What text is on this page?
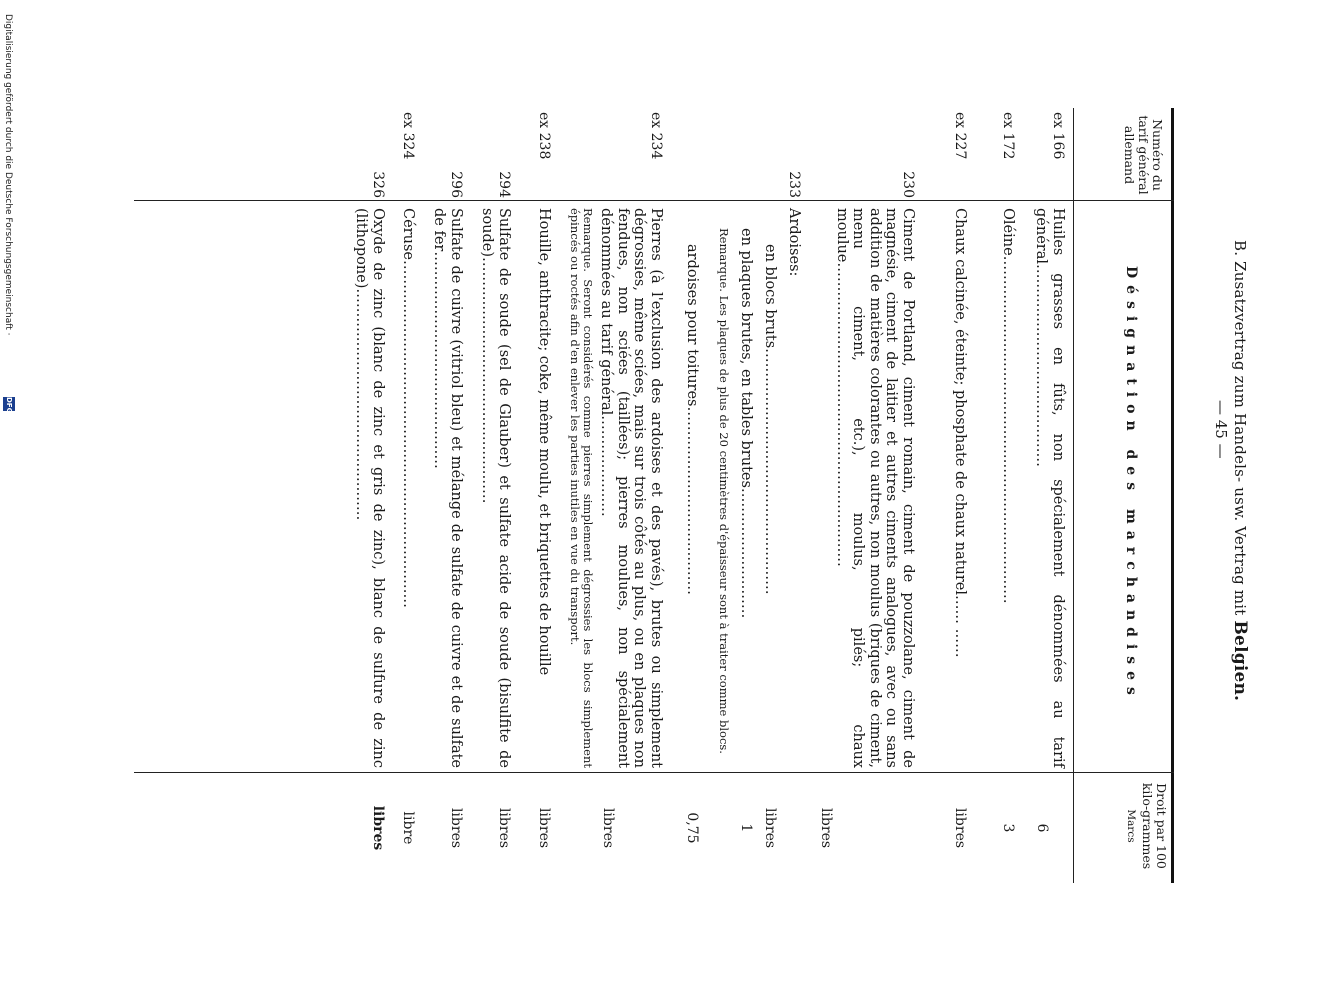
B. Zusatzvertrag zum Handels- usw. Vertrag mit Belgien.
— 45 —
Numéro du tarif général allemand
Désignation des marchandises
Droit par 100 kilo-grammes
Marcs
ex 166
Huiles grasses en fûts, non spécialement dénommées au tarif général……………………………………
6
ex 172
Oléine………………………………………………………………
3
ex 227
Chaux calcinée, éteinte; phosphate de chaux naturel…… ……
libres
230
Ciment de Portland, ciment romain, ciment de pouzzolane, ciment de magnésie, ciment de laitier et autres ciments analogues, avec ou sans addition de matières colorantes ou autres, non moulus (briques de ciment, menu ciment, etc.), moulus, pilés; chaux moulue………………………………………………………
libres
233
Ardoises:
en blocs bruts……………………………………………
libres
en plaques brutes, en tables brutes………………………
1
Remarque. Les plaques de plus de 20 centimètres d'épaisseur sont à traiter comme blocs.
ardoises pour toitures…………………………………
0,75
ex 234
Pierres (à l'exclusion des ardoises et des pavés), brutes ou simplement dégrossies, même sciées, mais sur trois côtés au plus, ou en plaques non fendues, non sciées (taillées); pierres moulues, non spécialement dénommées au tarif général…………………
libres
Remarque. Seront considérés comme pierres simplement dégrossies les blocs simplement épincés ou roctés afin d'en enlever les parties inutiles en vue du transport.
ex 238
Houille, anthracite; coke, même moulu, et briquettes de houille
libres
294
Sulfate de soude (sel de Glauber) et sulfate acide de soude (bisulfite de soude)……………………………………………
libres
296
Sulfate de cuivre (vitriol bleu) et mélange de sulfate de cuivre et de sulfate de fer………………………………………
libres
ex 324
Céruse………………………………………………………………
libre
326
Oxyde de zinc (blanc de zinc et gris de zinc), blanc de sulfure de zinc (lithopone)…………………………………………
libres
Digitalisierung gefördert durch die Deutsche Forschungsgemeinschaft ·
DFG
